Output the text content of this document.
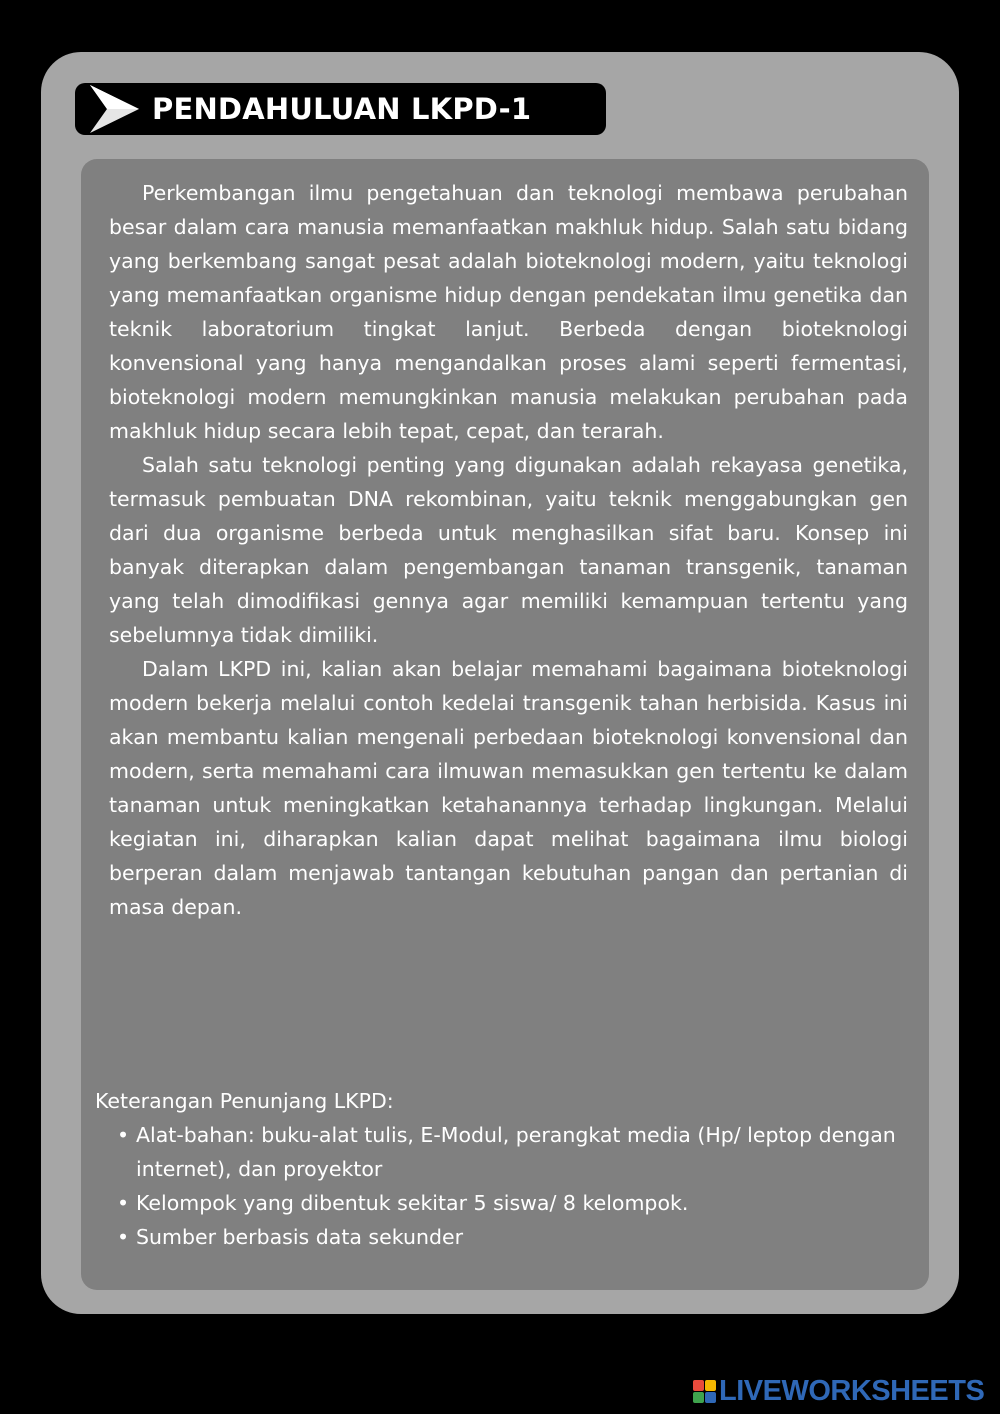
PENDAHULUAN LKPD-1

Perkembangan ilmu pengetahuan dan teknologi membawa perubahan besar dalam cara manusia memanfaatkan makhluk hidup. Salah satu bidang yang berkembang sangat pesat adalah bioteknologi modern, yaitu teknologi yang memanfaatkan organisme hidup dengan pendekatan ilmu genetika dan teknik laboratorium tingkat lanjut. Berbeda dengan bioteknologi konvensional yang hanya mengandalkan proses alami seperti fermentasi, bioteknologi modern memungkinkan manusia melakukan perubahan pada makhluk hidup secara lebih tepat, cepat, dan terarah.

Salah satu teknologi penting yang digunakan adalah rekayasa genetika, termasuk pembuatan DNA rekombinan, yaitu teknik menggabungkan gen dari dua organisme berbeda untuk menghasilkan sifat baru. Konsep ini banyak diterapkan dalam pengembangan tanaman transgenik, tanaman yang telah dimodifikasi gennya agar memiliki kemampuan tertentu yang sebelumnya tidak dimiliki.

Dalam LKPD ini, kalian akan belajar memahami bagaimana bioteknologi modern bekerja melalui contoh kedelai transgenik tahan herbisida. Kasus ini akan membantu kalian mengenali perbedaan bioteknologi konvensional dan modern, serta memahami cara ilmuwan memasukkan gen tertentu ke dalam tanaman untuk meningkatkan ketahanannya terhadap lingkungan. Melalui kegiatan ini, diharapkan kalian dapat melihat bagaimana ilmu biologi berperan dalam menjawab tantangan kebutuhan pangan dan pertanian di masa depan.

Keterangan Penunjang LKPD:

• Alat-bahan: buku-alat tulis, E-Modul, perangkat media (Hp/ leptop dengan internet), dan proyektor
• Kelompok yang dibentuk sekitar 5 siswa/ 8 kelompok.
• Sumber berbasis data sekunder
LIVEWORKSHEETS
